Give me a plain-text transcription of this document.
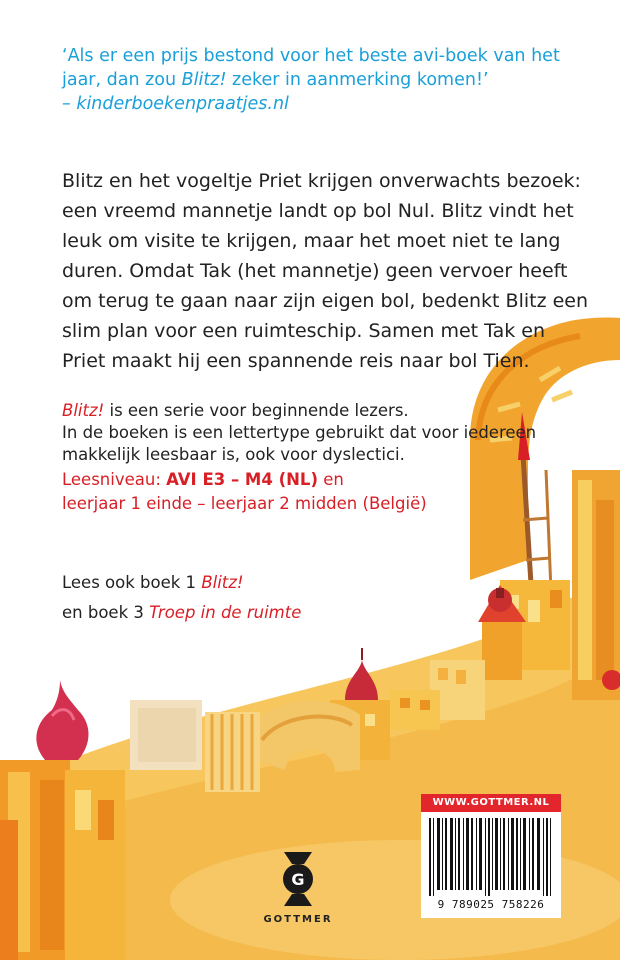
‘Als er een prijs bestond voor het beste avi-boek van het jaar, dan zou Blitz! zeker in aanmerking komen!’
– kinderboekenpraatjes.nl
Blitz en het vogeltje Priet krijgen onverwachts bezoek: een vreemd mannetje landt op bol Nul. Blitz vindt het leuk om visite te krijgen, maar het moet niet te lang duren. Omdat Tak (het mannetje) geen vervoer heeft om terug te gaan naar zijn eigen bol, bedenkt Blitz een slim plan voor een ruimteschip. Samen met Tak en Priet maakt hij een spannende reis naar bol Tien.
Blitz! is een serie voor beginnende lezers.
In de boeken is een lettertype gebruikt dat voor iedereen makkelijk leesbaar is, ook voor dyslectici.
Leesniveau: AVI E3 – M4 (NL) en
leerjaar 1 einde – leerjaar 2 midden (België)
Lees ook boek 1 Blitz!
en boek 3 Troep in de ruimte
G
GOTTMER
WWW.GOTTMER.NL
9 789025 758226
